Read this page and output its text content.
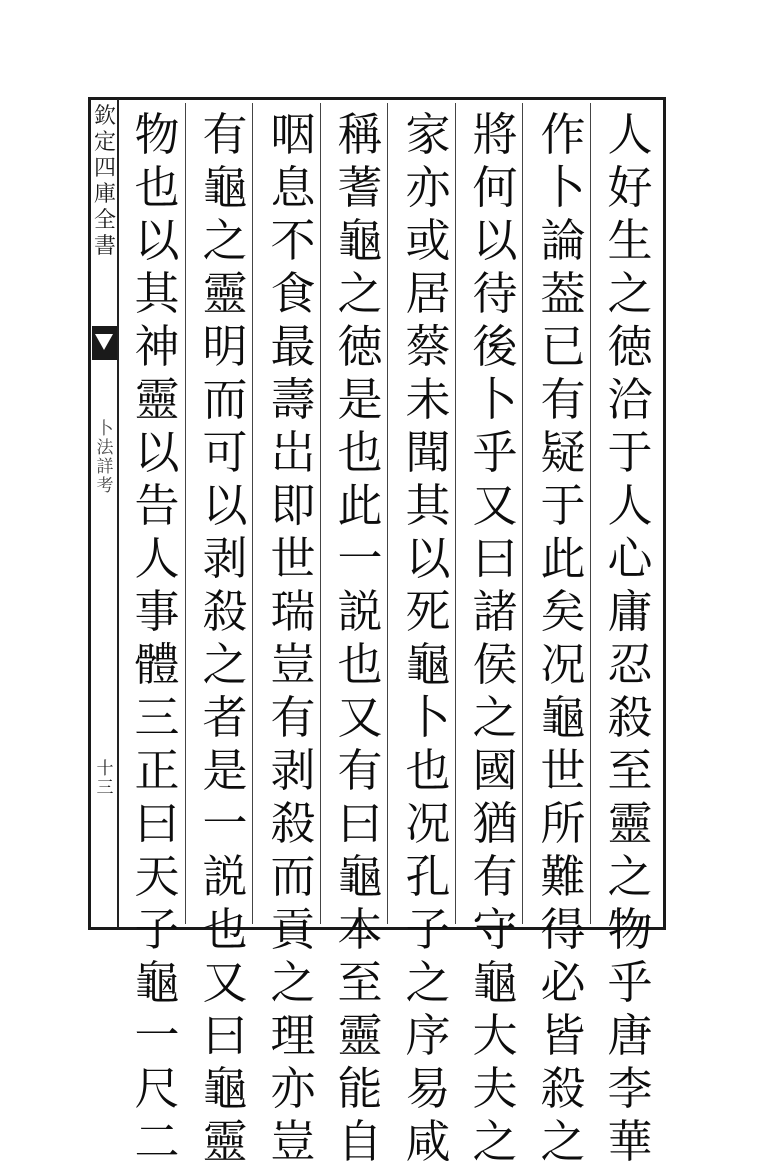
欽
定
四
庫
全
書
卜
法
詳
考
十
三
人
好
生
之
徳
洽
于
人
心
庸
忍
殺
至
靈
之
物
乎
唐
李
華
作
卜
論
葢
已
有
疑
于
此
矣
况
龜
世
所
難
得
必
皆
殺
之
將
何
以
待
後
卜
乎
又
曰
諸
侯
之
國
猶
有
守
龜
大
夫
之
家
亦
或
居
蔡
未
聞
其
以
死
龜
卜
也
况
孔
子
之
序
易
咸
稱
蓍
龜
之
徳
是
也
此
一
説
也
又
有
曰
龜
本
至
靈
能
自
咽
息
不
食
最
壽
岀
即
世
瑞
豈
有
剥
殺
而
貢
之
理
亦
豈
有
龜
之
靈
明
而
可
以
剥
殺
之
者
是
一
説
也
又
曰
龜
靈
物
也
以
其
神
靈
以
告
人
事
體
三
正
曰
天
子
龜
一
尺
二
